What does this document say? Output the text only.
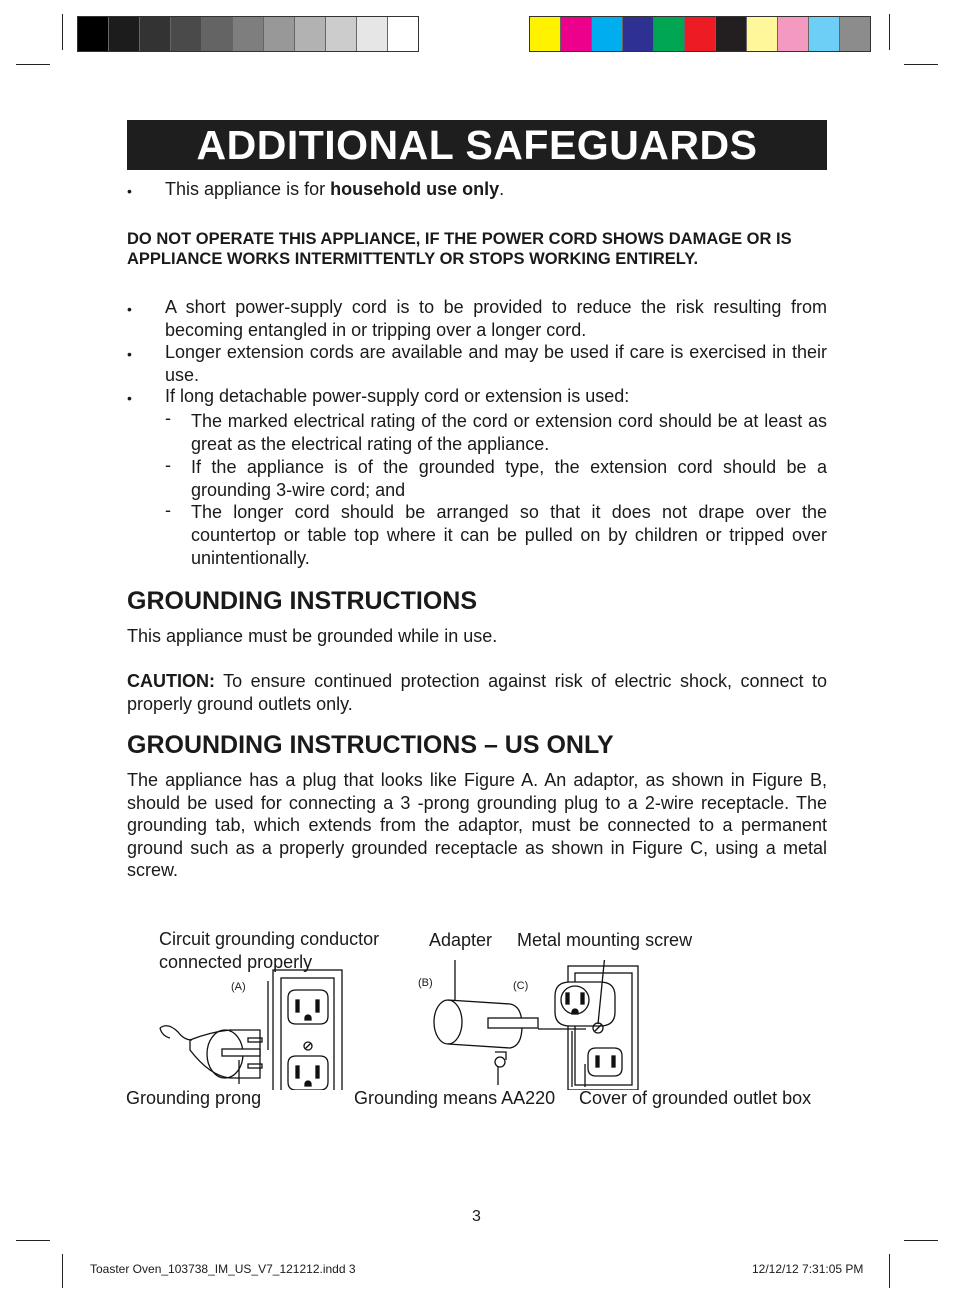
ADDITIONAL SAFEGUARDS
• This appliance is for household use only.
DO NOT OPERATE THIS APPLIANCE, IF THE POWER CORD SHOWS DAMAGE OR IS APPLIANCE WORKS INTERMITTENTLY OR STOPS WORKING ENTIRELY.
• A short power-supply cord is to be provided to reduce the risk resulting from becoming entangled in or tripping over a longer cord.
• Longer extension cords are available and may be used if care is exercised in their use.
• If long detachable power-supply cord or extension is used:
- The marked electrical rating of the cord or extension cord should be at least as great as the electrical rating of the appliance.
- If the appliance is of the grounded type, the extension cord should be a grounding 3-wire cord; and
- The longer cord should be arranged so that it does not drape over the countertop or table top where it can be pulled on by children or tripped over unintentionally.
GROUNDING INSTRUCTIONS
This appliance must be grounded while in use.
CAUTION: To ensure continued protection against risk of electric shock, connect to properly ground outlets only.
GROUNDING INSTRUCTIONS – US ONLY
The appliance has a plug that looks like Figure A. An adaptor, as shown in Figure B, should be used for connecting a 3 -prong grounding plug to a 2-wire receptacle. The grounding tab, which extends from the adaptor, must be connected to a permanent ground such as a properly grounded receptacle as shown in Figure C, using a metal screw.
Circuit grounding conductor connected properly
Adapter Metal mounting screw
(A)	(B)	(C)
Grounding prong	Grounding means AA220 Cover of grounded outlet box
3
Toaster Oven_103738_IM_US_V7_121212.indd 3	12/12/12 7:31:05 PM
